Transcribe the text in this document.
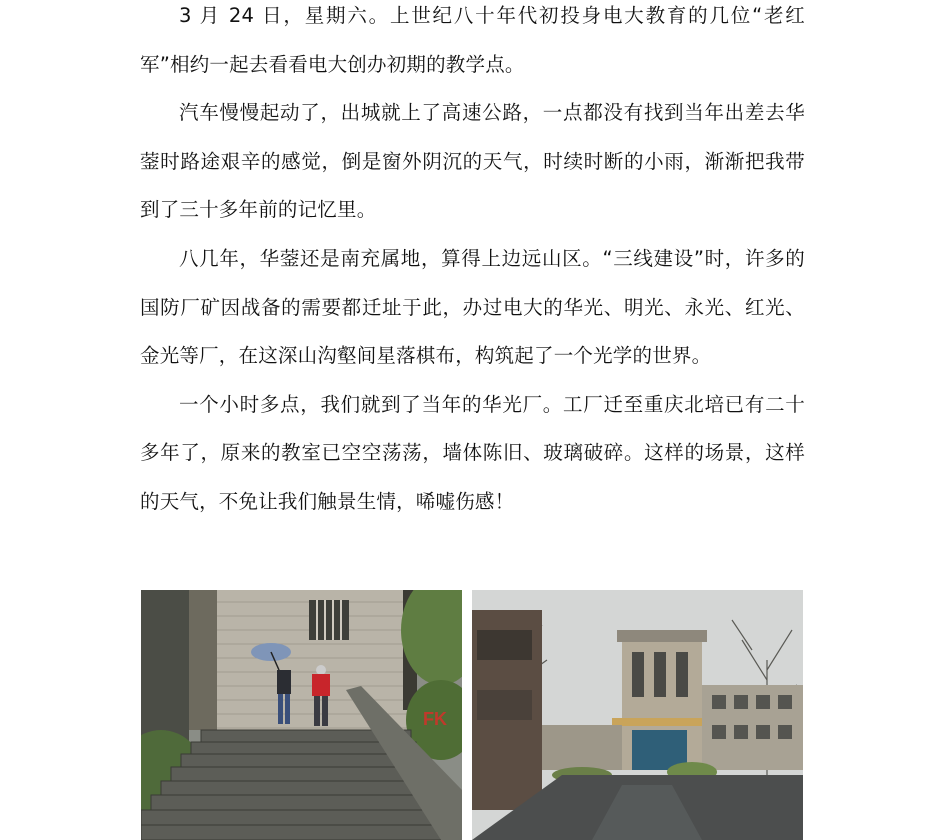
3 月 24 日，星期六。上世纪八十年代初投身电大教育的几位“老红军”相约一起去看看电大创办初期的教学点。

汽车慢慢起动了，出城就上了高速公路，一点都没有找到当年出差去华蓥时路途艰辛的感觉，倒是窗外阴沉的天气，时续时断的小雨，渐渐把我带到了三十多年前的记忆里。

八几年，华蓥还是南充属地，算得上边远山区。“三线建设”时，许多的国防厂矿因战备的需要都迁址于此，办过电大的华光、明光、永光、红光、金光等厂，在这深山沟壑间星落棋布，构筑起了一个光学的世界。

一个小时多点，我们就到了当年的华光厂。工厂迁至重庆北培已有二十多年了，原来的教室已空空荡荡，墙体陈旧、玻璃破碎。这样的场景，这样的天气，不免让我们触景生情，唏嘘伤感！

FK
